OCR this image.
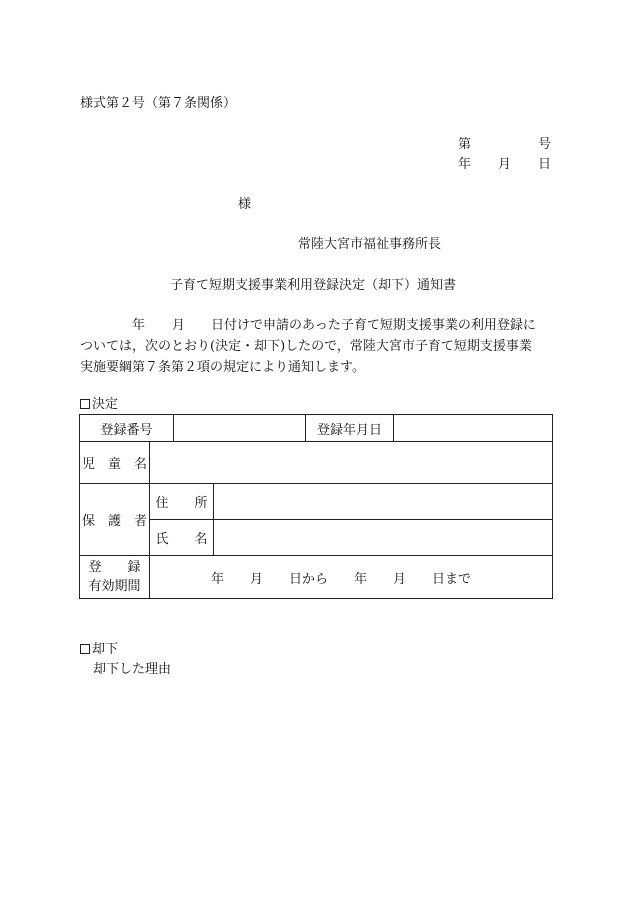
様式第２号（第７条関係）
第	号
年 月 日
様
常陸大宮市福祉事務所長
子育て短期支援事業利用登録決定（却下）通知書
年 月 日付けで申請のあった子育て短期支援事業の利用登録に
ついては，次のとおり(決定・却下)したので，常陸大宮市子育て短期支援事業
実施要綱第７条第２項の規定により通知します。
決定
登録番号				登録年月日	
児　童　名					
保　護　者	住　　所				
	氏　　名				

登　　録
有効期間	年　　月　　日から　　年　　月　　日まで				
却下
却下した理由
